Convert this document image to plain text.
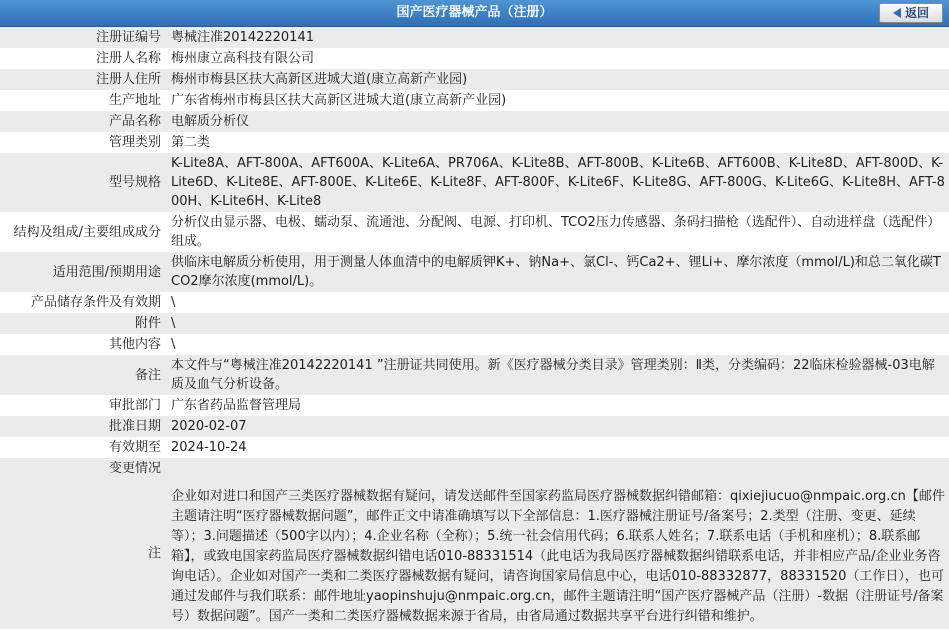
国产医疗器械产品（注册）	返回
注册证编号	粤械注准20142220141
注册人名称	梅州康立高科技有限公司
注册人住所	梅州市梅县区扶大高新区进城大道(康立高新产业园)
生产地址	广东省梅州市梅县区扶大高新区进城大道(康立高新产业园)
产品名称	电解质分析仪
管理类别	第二类
型号规格	K-Lite8A、AFT-800A、AFT600A、K-Lite6A、PR706A、K-Lite8B、AFT-800B、K-Lite6B、AFT600B、K-Lite8D、AFT-800D、K-Lite6D、K-Lite8E、AFT-800E、K-Lite6E、K-Lite8F、AFT-800F、K-Lite6F、K-Lite8G、AFT-800G、K-Lite6G、K-Lite8H、AFT-800H、K-Lite6H、K-Lite8
结构及组成/主要组成成分	分析仪由显示器、电极、蠕动泵、流通池、分配阀、电源、打印机、TCO2压力传感器、条码扫描枪（选配件）、自动进样盘（选配件）组成。
适用范围/预期用途	供临床电解质分析使用，用于测量人体血清中的电解质钾K+、钠Na+、氯Cl-、钙Ca2+、锂Li+、摩尔浓度（mmol/L)和总二氧化碳TCO2摩尔浓度(mmol/L)。
产品储存条件及有效期	\
附件	\
其他内容	\
备注	本文件与“粤械注准20142220141 ”注册证共同使用。新《医疗器械分类目录》管理类别：Ⅱ类，分类编码：22临床检验器械-03电解质及血气分析设备。
审批部门	广东省药品监督管理局
批准日期	2020-02-07
有效期至	2024-10-24
变更情况	
注	企业如对进口和国产三类医疗器械数据有疑问，请发送邮件至国家药监局医疗器械数据纠错邮箱：qixiejiucuo@nmpaic.org.cn【邮件主题请注明“医疗器械数据问题”，邮件正文中请准确填写以下全部信息：1.医疗器械注册证号/备案号；2.类型（注册、变更、延续等）；3.问题描述（500字以内）；4.企业名称（全称）；5.统一社会信用代码；6.联系人姓名；7.联系电话（手机和座机）；8.联系邮箱】，或致电国家药监局医疗器械数据纠错电话010-88331514（此电话为我局医疗器械数据纠错联系电话，并非相应产品/企业业务咨询电话）。企业如对国产一类和二类医疗器械数据有疑问，请咨询国家局信息中心，电话010-88332877，88331520（工作日），也可通过发邮件与我们联系：邮件地址yaopinshuju@nmpaic.org.cn，邮件主题请注明“国产医疗器械产品（注册）-数据（注册证号/备案号）数据问题”。国产一类和二类医疗器械数据来源于省局，由省局通过数据共享平台进行纠错和维护。
